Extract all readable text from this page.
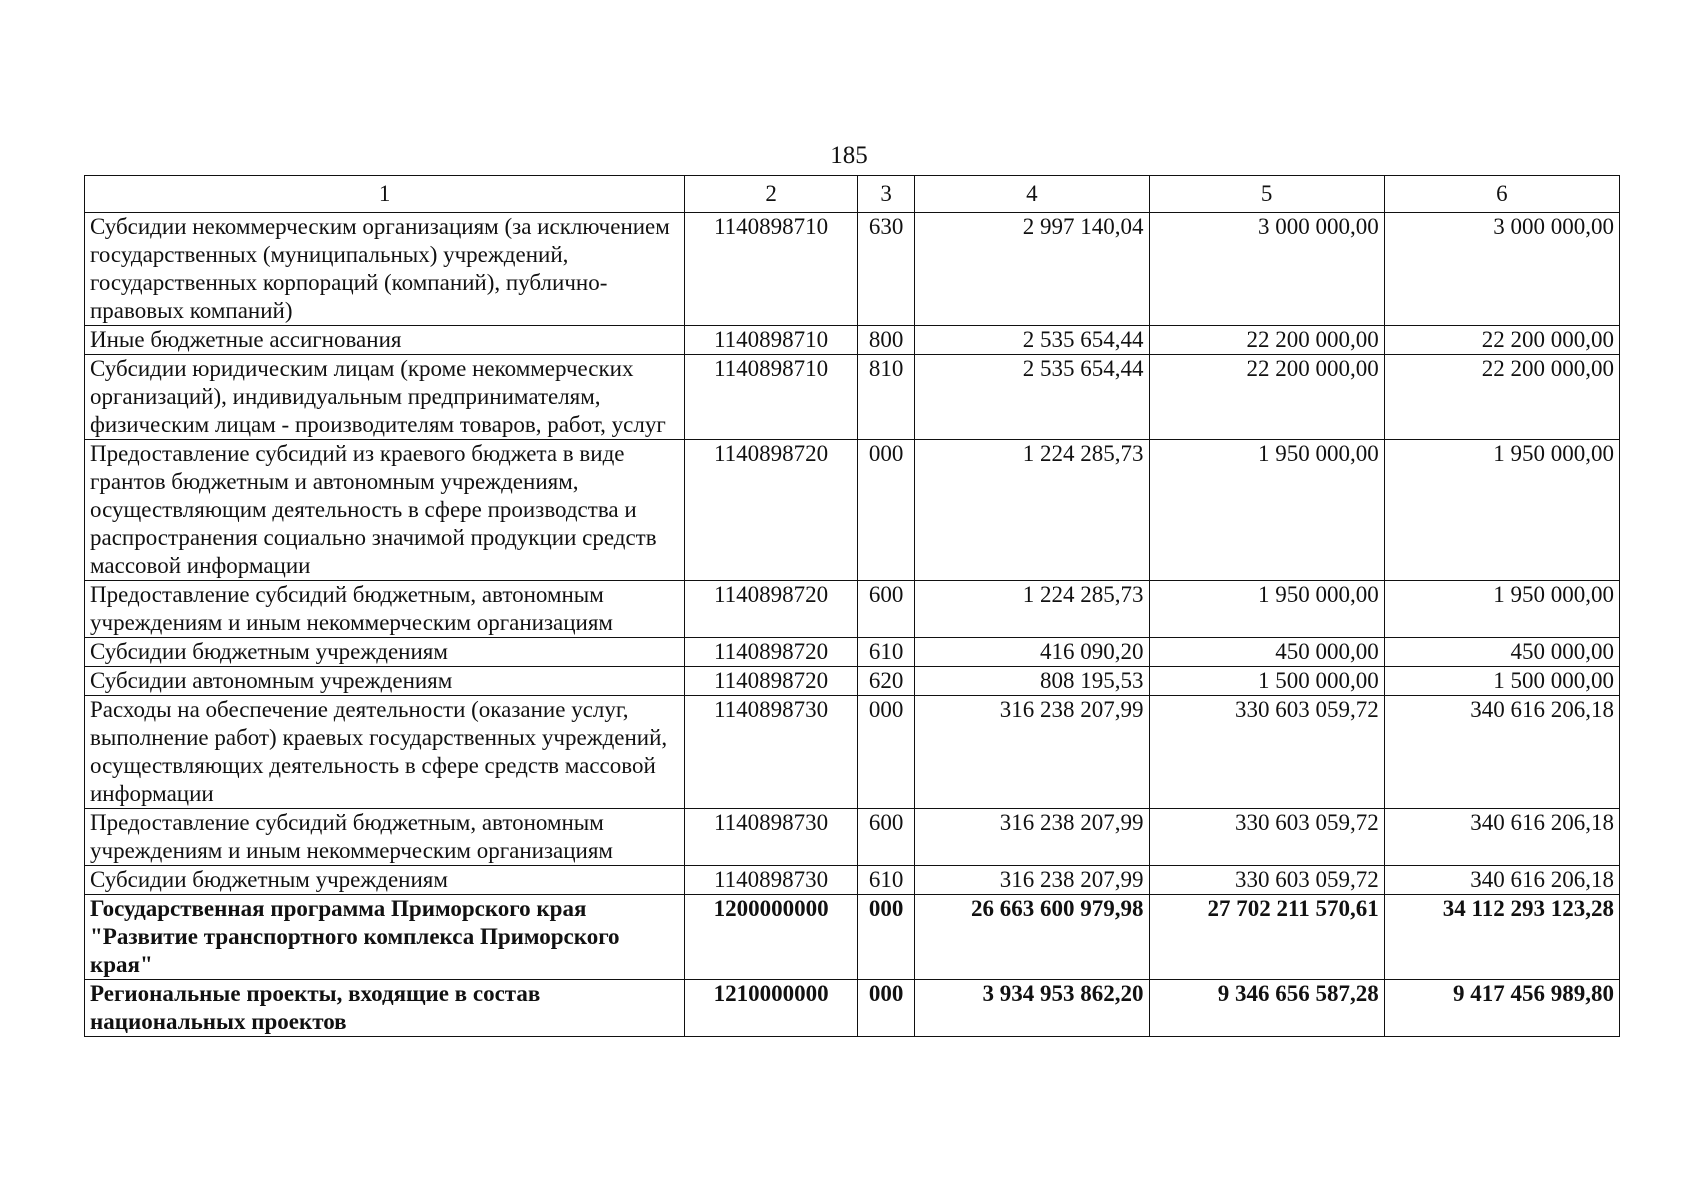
185
1	2	3	4	5	6
Субсидии некоммерческим организациям (за исключением государственных (муниципальных) учреждений, государственных корпораций (компаний), публично-правовых компаний)	1140898710	630	2 997 140,04	3 000 000,00	3 000 000,00
Иные бюджетные ассигнования	1140898710	800	2 535 654,44	22 200 000,00	22 200 000,00
Субсидии юридическим лицам (кроме некоммерческих организаций), индивидуальным предпринимателям, физическим лицам - производителям товаров, работ, услуг	1140898710	810	2 535 654,44	22 200 000,00	22 200 000,00
Предоставление субсидий из краевого бюджета в виде грантов бюджетным и автономным учреждениям, осуществляющим деятельность в сфере производства и распространения социально значимой продукции средств массовой информации	1140898720	000	1 224 285,73	1 950 000,00	1 950 000,00
Предоставление субсидий бюджетным, автономным учреждениям и иным некоммерческим организациям	1140898720	600	1 224 285,73	1 950 000,00	1 950 000,00
Субсидии бюджетным учреждениям	1140898720	610	416 090,20	450 000,00	450 000,00
Субсидии автономным учреждениям	1140898720	620	808 195,53	1 500 000,00	1 500 000,00
Расходы на обеспечение деятельности (оказание услуг, выполнение работ) краевых государственных учреждений, осуществляющих деятельность в сфере средств массовой информации	1140898730	000	316 238 207,99	330 603 059,72	340 616 206,18
Предоставление субсидий бюджетным, автономным учреждениям и иным некоммерческим организациям	1140898730	600	316 238 207,99	330 603 059,72	340 616 206,18
Субсидии бюджетным учреждениям	1140898730	610	316 238 207,99	330 603 059,72	340 616 206,18
Государственная программа Приморского края "Развитие транспортного комплекса Приморского края"	1200000000	000	26 663 600 979,98	27 702 211 570,61	34 112 293 123,28
Региональные проекты, входящие в состав национальных проектов	1210000000	000	3 934 953 862,20	9 346 656 587,28	9 417 456 989,80
